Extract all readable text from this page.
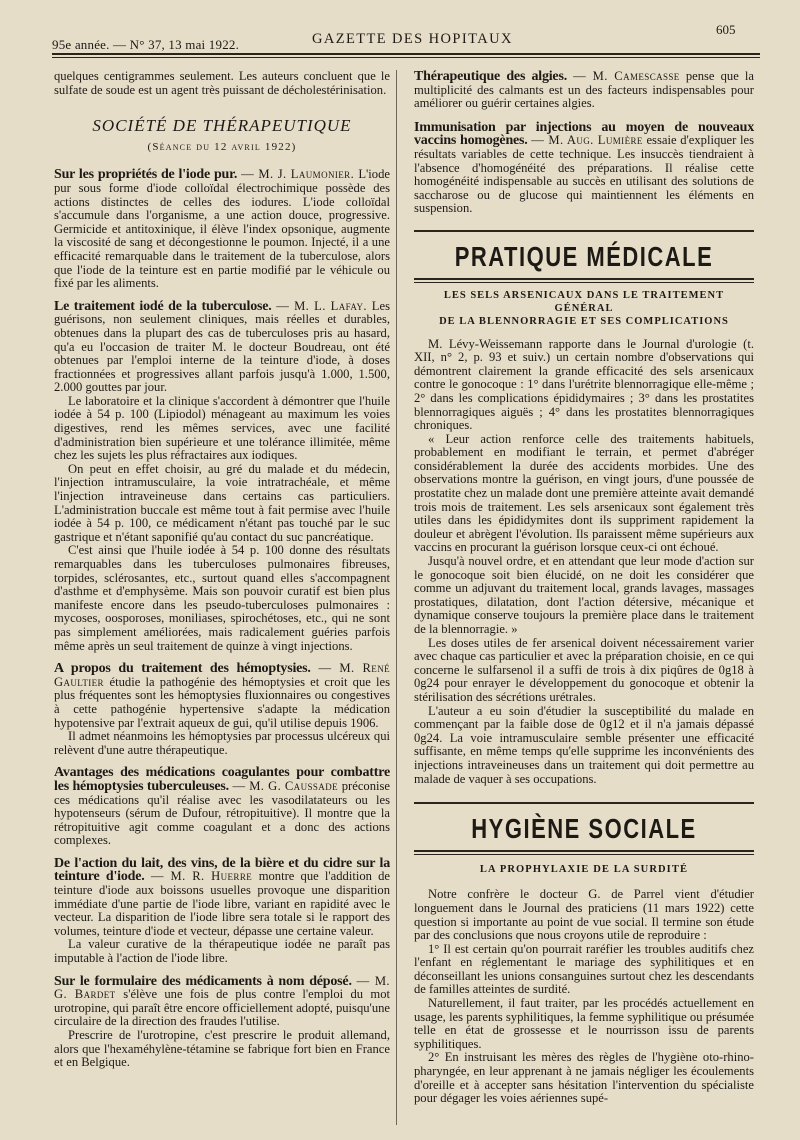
95e année. — N° 37, 13 mai 1922.	GAZETTE DES HOPITAUX
605

quelques centigrammes seulement. Les auteurs concluent que le sulfate de soude est un agent très puissant de décholestérinisation.

SOCIÉTÉ DE THÉRAPEUTIQUE
(Séance du 12 avril 1922)

Sur les propriétés de l'iode pur. — M. J. Laumonier. L'iode pur sous forme d'iode colloïdal électrochimique possède des actions distinctes de celles des iodures. L'iode colloïdal s'accumule dans l'organisme, a une action douce, progressive. Germicide et antitoxinique, il élève l'index opsonique, augmente la viscosité de sang et décongestionne le poumon. Injecté, il a une efficacité remarquable dans le traitement de la tuberculose, alors que l'iode de la teinture est en partie modifié par le véhicule ou fixé par les aliments.

Le traitement iodé de la tuberculose. — M. L. Lafay. Les guérisons, non seulement cliniques, mais réelles et durables, obtenues dans la plupart des cas de tuberculoses pris au hasard, qu'a eu l'occasion de traiter M. le docteur Boudreau, ont été obtenues par l'emploi interne de la teinture d'iode, à doses fractionnées et progressives allant parfois jusqu'à 1.000, 1.500, 2.000 gouttes par jour.

Le laboratoire et la clinique s'accordent à démontrer que l'huile iodée à 54 p. 100 (Lipiodol) ménageant au maximum les voies digestives, rend les mêmes services, avec une facilité d'administration bien supérieure et une tolérance illimitée, même chez les sujets les plus réfractaires aux iodiques.

On peut en effet choisir, au gré du malade et du médecin, l'injection intramusculaire, la voie intratrachéale, et même l'injection intraveineuse dans certains cas particuliers. L'administration buccale est même tout à fait permise avec l'huile iodée à 54 p. 100, ce médicament n'étant pas touché par le suc gastrique et n'étant saponifié qu'au contact du suc pancréatique.

C'est ainsi que l'huile iodée à 54 p. 100 donne des résultats remarquables dans les tuberculoses pulmonaires fibreuses, torpides, sclérosantes, etc., surtout quand elles s'accompagnent d'asthme et d'emphysème. Mais son pouvoir curatif est bien plus manifeste encore dans les pseudo-tuberculoses pulmonaires : mycoses, oosporoses, moniliases, spirochétoses, etc., qui ne sont pas simplement améliorées, mais radicalement guéries parfois même après un seul traitement de quinze à vingt injections.

A propos du traitement des hémoptysies. — M. René Gaultier étudie la pathogénie des hémoptysies et croit que les plus fréquentes sont les hémoptysies fluxionnaires ou congestives à cette pathogénie hypertensive s'adapte la médication hypotensive par l'extrait aqueux de gui, qu'il utilise depuis 1906.

Il admet néanmoins les hémoptysies par processus ulcéreux qui relèvent d'une autre thérapeutique.

Avantages des médications coagulantes pour combattre les hémoptysies tuberculeuses. — M. G. Caussade préconise ces médications qu'il réalise avec les vasodilatateurs ou les hypotenseurs (sérum de Dufour, rétropituitive). Il montre que la rétropituitive agit comme coagulant et a donc des actions complexes.

De l'action du lait, des vins, de la bière et du cidre sur la teinture d'iode. — M. R. Huerre montre que l'addition de teinture d'iode aux boissons usuelles provoque une disparition immédiate d'une partie de l'iode libre, variant en rapidité avec le vecteur. La disparition de l'iode libre sera totale si le rapport des volumes, teinture d'iode et vecteur, dépasse une certaine valeur.

La valeur curative de la thérapeutique iodée ne paraît pas imputable à l'action de l'iode libre.

Sur le formulaire des médicaments à nom déposé. — M. G. Bardet s'élève une fois de plus contre l'emploi du mot urotropine, qui paraît être encore officiellement adopté, puisqu'une circulaire de la direction des fraudes l'utilise.

Prescrire de l'urotropine, c'est prescrire le produit allemand, alors que l'hexaméhylène-tétamine se fabrique fort bien en France et en Belgique.

Thérapeutique des algies. — M. Camescasse pense que la multiplicité des calmants est un des facteurs indispensables pour améliorer ou guérir certaines algies.

Immunisation par injections au moyen de nouveaux vaccins homogènes. — M. Aug. Lumière essaie d'expliquer les résultats variables de cette technique. Les insuccès tiendraient à l'absence d'homogénéité des préparations. Il réalise cette homogénéité indispensable au succès en utilisant des solutions de saccharose ou de glucose qui maintiennent les éléments en suspension.

PRATIQUE MÉDICALE
LES SELS ARSENICAUX DANS LE TRAITEMENT GÉNÉRAL
DE LA BLENNORRAGIE ET SES COMPLICATIONS

M. Lévy-Weissemann rapporte dans le Journal d'urologie (t. XII, n° 2, p. 93 et suiv.) un certain nombre d'observations qui démontrent clairement la grande efficacité des sels arsenicaux contre le gonocoque : 1° dans l'urétrite blennorragique elle-même ; 2° dans les complications épididymaires ; 3° dans les prostatites blennorragiques aiguës ; 4° dans les prostatites blennorragiques chroniques.

« Leur action renforce celle des traitements habituels, probablement en modifiant le terrain, et permet d'abréger considérablement la durée des accidents morbides. Une des observations montre la guérison, en vingt jours, d'une poussée de prostatite chez un malade dont une première atteinte avait demandé trois mois de traitement. Les sels arsenicaux sont également très utiles dans les épididymites dont ils suppriment rapidement la douleur et abrègent l'évolution. Ils paraissent même supérieurs aux vaccins en procurant la guérison lorsque ceux-ci ont échoué.

Jusqu'à nouvel ordre, et en attendant que leur mode d'action sur le gonocoque soit bien élucidé, on ne doit les considérer que comme un adjuvant du traitement local, grands lavages, massages prostatiques, dilatation, dont l'action détersive, mécanique et dynamique conserve toujours la première place dans le traitement de la blennorragie. »

Les doses utiles de fer arsenical doivent nécessairement varier avec chaque cas particulier et avec la préparation choisie, en ce qui concerne le sulfarsenol il a suffi de trois à dix piqûres de 0g18 à 0g24 pour enrayer le développement du gonocoque et obtenir la stérilisation des sécrétions urétrales.

L'auteur a eu soin d'étudier la susceptibilité du malade en commençant par la faible dose de 0g12 et il n'a jamais dépassé 0g24. La voie intramusculaire semble présenter une efficacité suffisante, en même temps qu'elle supprime les inconvénients des injections intraveineuses dans un traitement qui doit permettre au malade de vaquer à ses occupations.

HYGIÈNE SOCIALE
LA PROPHYLAXIE DE LA SURDITÉ

Notre confrère le docteur G. de Parrel vient d'étudier longuement dans le Journal des praticiens (11 mars 1922) cette question si importante au point de vue social. Il termine son étude par des conclusions que nous croyons utile de reproduire :

1° Il est certain qu'on pourrait raréfier les troubles auditifs chez l'enfant en réglementant le mariage des syphilitiques et en déconseillant les unions consanguines surtout chez les descendants de familles atteintes de surdité.

Naturellement, il faut traiter, par les procédés actuellement en usage, les parents syphilitiques, la femme syphilitique ou présumée telle en état de grossesse et le nourrisson issu de parents syphilitiques.

2° En instruisant les mères des règles de l'hygiène oto-rhino-pharyngée, en leur apprenant à ne jamais négliger les écoulements d'oreille et à accepter sans hésitation l'intervention du spécialiste pour dégager les voies aériennes supé-
